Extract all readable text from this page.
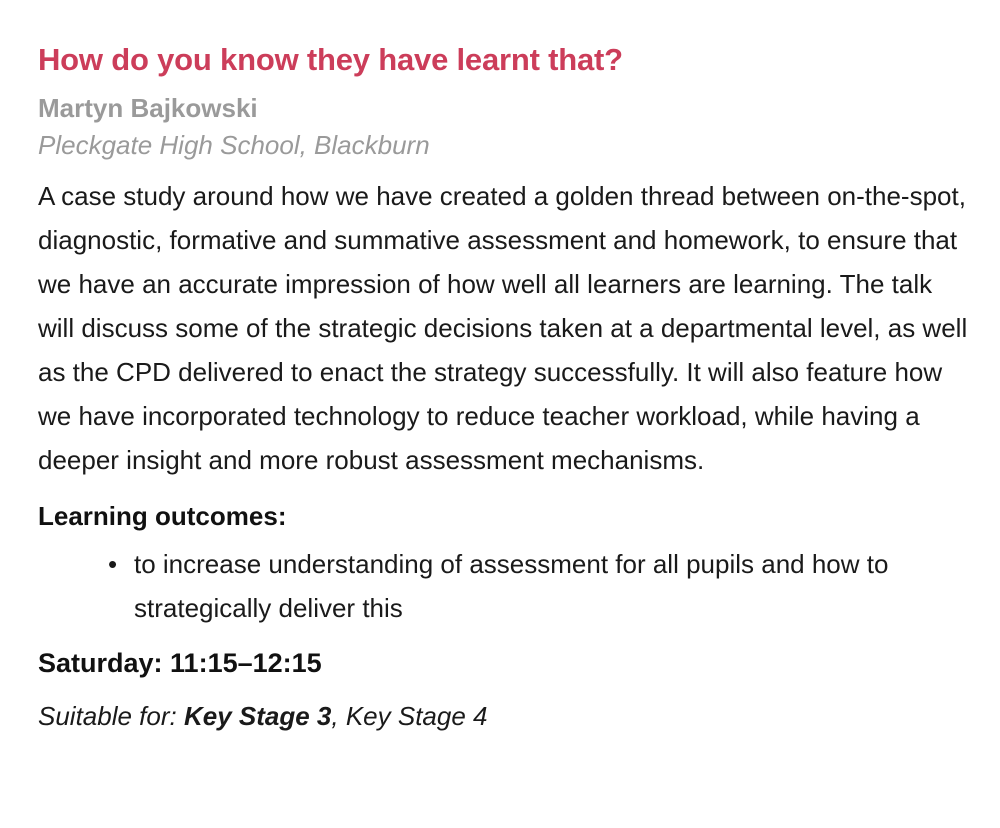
How do you know they have learnt that?
Martyn Bajkowski
Pleckgate High School, Blackburn

A case study around how we have created a golden thread between on-the-spot, diagnostic, formative and summative assessment and homework, to ensure that we have an accurate impression of how well all learners are learning. The talk will discuss some of the strategic decisions taken at a departmental level, as well as the CPD delivered to enact the strategy successfully. It will also feature how we have incorporated technology to reduce teacher workload, while having a deeper insight and more robust assessment mechanisms.

Learning outcomes:
• to increase understanding of assessment for all pupils and how to strategically deliver this
Saturday: 11:15–12:15
Suitable for: Key Stage 3, Key Stage 4
